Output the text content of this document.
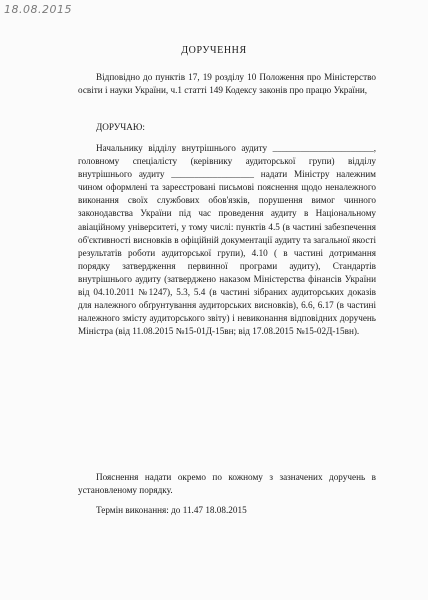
18.08.2015
ДОРУЧЕННЯ

Відповідно до пунктів 17, 19 розділу 10 Положення про Міністерство освіти і науки України, ч.1 статті 149 Кодексу законів про працю України,

ДОРУЧАЮ:

Начальнику відділу внутрішнього аудиту ______________________, головному спеціалісту (керівнику аудиторської групи) відділу внутрішнього аудиту __________________ надати Міністру належним чином оформлені та зареєстровані письмові пояснення щодо неналежного виконання своїх службових обов'язків, порушення вимог чинного законодавства України під час проведення аудиту в Національному авіаційному університеті, у тому числі: пунктів 4.5 (в частині забезпечення об'єктивності висновків в офіційній документації аудиту та загальної якості результатів роботи аудиторської групи), 4.10 ( в частині дотримання порядку затвердження первинної програми аудиту), Стандартів внутрішнього аудиту (затверджено наказом Міністерства фінансів України від 04.10.2011 №1247), 5.3, 5.4 (в частині зібраних аудиторських доказів для належного обґрунтування аудиторських висновків), 6.6, 6.17 (в частині належного змісту аудиторського звіту) і невиконання відповідних доручень Міністра (від 11.08.2015 №15-01Д-15вн; від 17.08.2015 №15-02Д-15вн).

Пояснення надати окремо по кожному з зазначених доручень в установленому порядку.

Термін виконання: до 11.47 18.08.2015
